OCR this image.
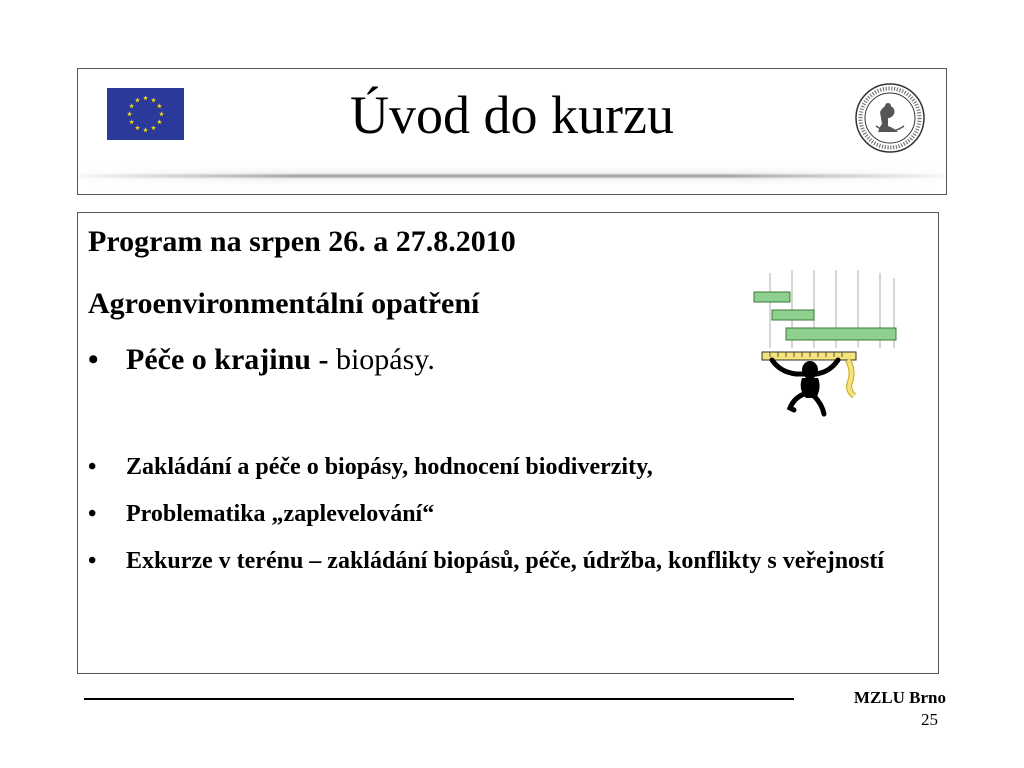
Úvod do kurzu
Program na srpen 26. a 27.8.2010
Agroenvironmentální opatření
• Péče o krajinu - biopásy.
• Zakládání a péče o biopásy, hodnocení biodiverzity,
• Problematika „zaplevelování“
• Exkurze v terénu – zakládání biopásů, péče, údržba, konflikty s veřejností
MZLU Brno
25
